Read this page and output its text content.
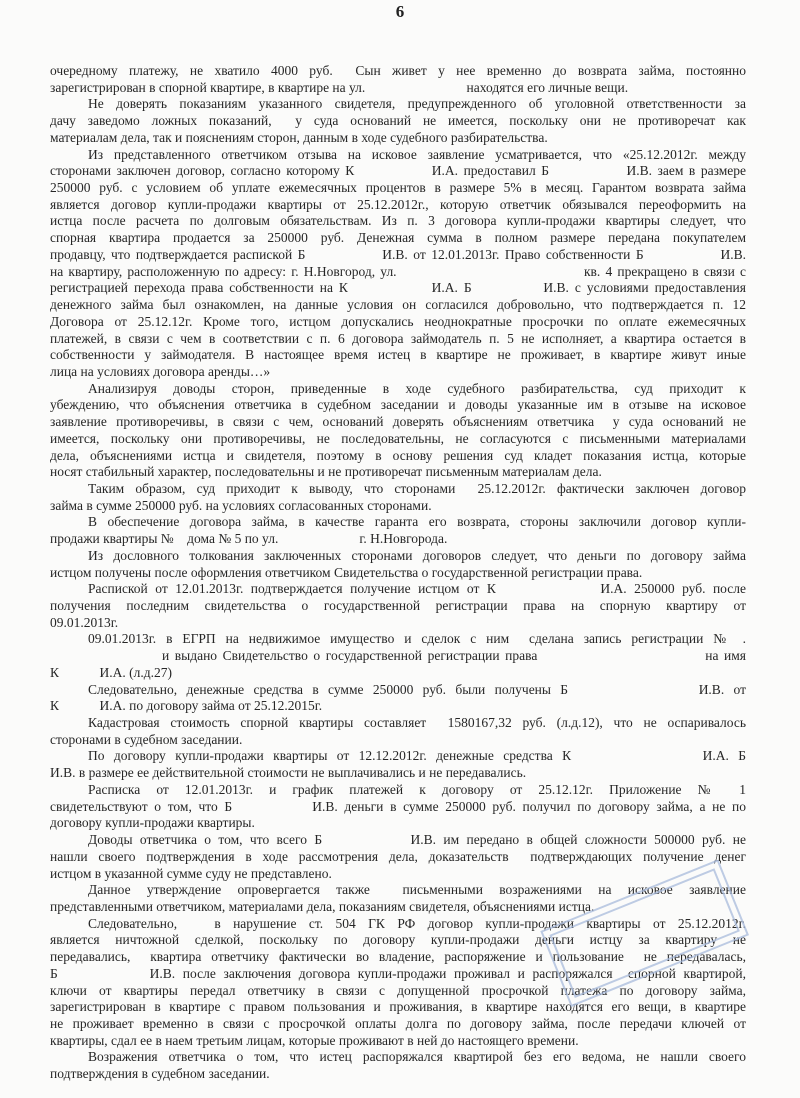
6
очередному платежу, не хватило 4000 руб.  Сын живет у нее временно до возврата займа, постоянно
зарегистрирован в спорной квартире, в квартире на ул.                              находятся его личные вещи.
Не доверять показаниям указанного свидетеля, предупрежденного об уголовной ответственности за
дачу заведомо ложных показаний,  у суда оснований не имеется, поскольку они не противоречат как
материалам дела, так и пояснениям сторон, данным в ходе судебного разбирательства.
Из представленного ответчиком отзыва на исковое заявление усматривается, что «25.12.2012г. между
сторонами заключен договор, согласно которому К              И.А. предоставил Б              И.В. заем в размере
250000 руб. с условием об уплате ежемесячных процентов в размере 5% в месяц. Гарантом возврата займа
является договор купли-продажи квартиры от 25.12.2012г., которую ответчик обязывался переоформить на
истца после расчета по долговым обязательствам. Из п. 3 договора купли-продажи квартиры следует, что
спорная квартира продается за 250000 руб. Денежная сумма в полном размере передана покупателем
продавцу, что подтверждается распиской Б              И.В. от 12.01.2013г. Право собственности Б              И.В.
на квартиру, расположенную по адресу: г. Н.Новгород, ул.                                    кв. 4 прекращено в связи с
регистрацией перехода права собственности на К              И.А. Б            И.В. с условиями предоставления
денежного займа был ознакомлен, на данные условия он согласился добровольно, что подтверждается п. 12
Договора от 25.12.12г. Кроме того, истцом допускались неоднократные просрочки по оплате ежемесячных
платежей, в связи с чем в соответствии с п. 6 договора займодатель п. 5 не исполняет, а квартира остается в
собственности у займодателя. В настоящее время истец в квартире не проживает, в квартире живут иные
лица на условиях договора аренды…»
Анализируя доводы сторон, приведенные в ходе судебного разбирательства, суд приходит к
убеждению, что объяснения ответчика в судебном заседании и доводы указанные им в отзыве на исковое
заявление противоречивы, в связи с чем, оснований доверять объяснениям ответчика  у суда оснований не
имеется, поскольку они противоречивы, не последовательны, не согласуются с письменными материалами
дела, объяснениями истца и свидетеля, поэтому в основу решения суд кладет показания истца, которые
носят стабильный характер, последовательны и не противоречат письменным материалам дела.
Таким образом, суд приходит к выводу, что сторонами  25.12.2012г. фактически заключен договор
займа в сумме 250000 руб. на условиях согласованных сторонами.
В обеспечение договора займа, в качестве гаранта его возврата, стороны заключили договор купли-
продажи квартиры №    дома № 5 по ул.                        г. Н.Новгорода.
Из дословного толкования заключенных сторонами договоров следует, что деньги по договору займа
истцом получены после оформления ответчиком Свидетельства о государственной регистрации права.
Распиской от 12.01.2013г. подтверждается получение истцом от К              И.А. 250000 руб. после
получения последним свидетельства о государственной регистрации права на спорную квартиру от
09.01.2013г.
09.01.2013г. в ЕГРП на недвижимое имущество и сделок с ним  сделана запись регистрации № .
и выдано Свидетельство о государственной регистрации права                              на имя
К            И.А. (л.д.27)
Следовательно, денежные средства в сумме 250000 руб. были получены Б              И.В. от
К            И.А. по договору займа от 25.12.2015г.
Кадастровая стоимость спорной квартиры составляет  1580167,32 руб. (л.д.12), что не оспаривалось
сторонами в судебном заседании.
По договору купли-продажи квартиры от 12.12.2012г. денежные средства К              И.А. Б
И.В. в размере ее действительной стоимости не выплачивались и не передавались.
Расписка от 12.01.2013г. и график платежей к договору от 25.12.12г. Приложение № 1
свидетельствуют о том, что Б            И.В. деньги в сумме 250000 руб. получил по договору займа, а не по
договору купли-продажи квартиры.
Доводы ответчика о том, что всего Б            И.В. им передано в общей сложности 500000 руб. не
нашли своего подтверждения в ходе рассмотрения дела, доказательств  подтверждающих получение денег
истцом в указанной сумме суду не представлено.
Данное утверждение опровергается также  письменными возражениями на исковое заявление
представленными ответчиком, материалами дела, показаниям свидетеля, объяснениями истца.
Следовательно,   в нарушение ст. 504 ГК РФ договор купли-продажи квартиры от 25.12.2012г.
является ничтожной сделкой, поскольку по договору купли-продажи деньги истцу за квартиру не
передавались,  квартира ответчику фактически во владение, распоряжение и пользование  не передавалась,
Б            И.В. после заключения договора купли-продажи проживал и распоряжался  спорной квартирой,
ключи от квартиры передал ответчику в связи с допущенной просрочкой платежа по договору займа,
зарегистрирован в квартире с правом пользования и проживания, в квартире находятся его вещи, в квартире
не проживает временно в связи с просрочкой оплаты долга по договору займа, после передачи ключей от
квартиры, сдал ее в наем третьим лицам, которые проживают в ней до настоящего времени.
Возражения ответчика о том, что истец распоряжался квартирой без его ведома, не нашли своего
подтверждения в судебном заседании.
